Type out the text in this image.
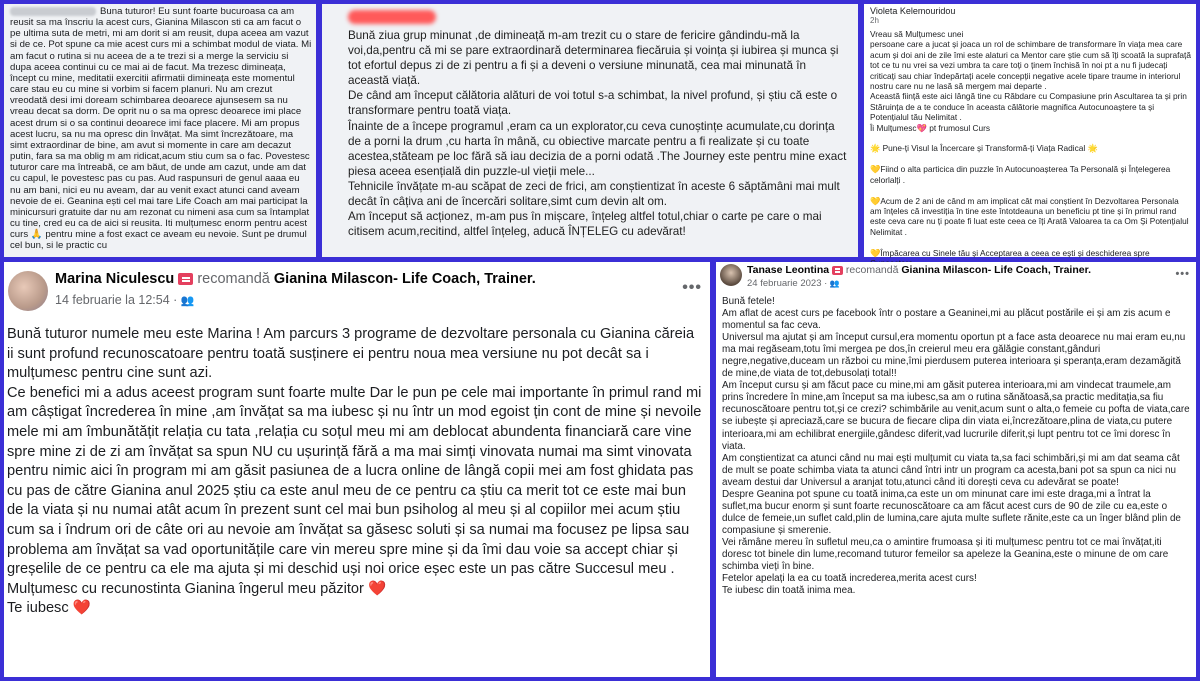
Buna tuturor! Eu sunt foarte bucuroasa ca am reusit sa ma înscriu la acest curs, Gianina Milascon sti ca am facut o pe ultima suta de metri, mi am dorit si am reusit, dupa aceea am vazut si de ce. Pot spune ca mie acest curs mi a schimbat modul de viata. Mi am facut o rutina si nu aceea de a te trezi si a merge la serviciu si dupa aceea continui cu ce mai ai de facut. Ma trezesc dimineața, încept cu mine, meditatii exercitii afirmatii dimineața este momentul care stau eu cu mine si vorbim si facem planuri. Nu am crezut vreodată desi imi doream schimbarea deoarece ajunsesem sa nu vreau decat sa dorm. De oprit nu o sa ma opresc deoarece imi place acest drum si o sa continui deoarece imi face placere. Mi am propus acest lucru, sa nu ma opresc din învățat. Ma simt încrezătoare, ma simt extraordinar de bine, am avut si momente in care am decazut putin, fara sa ma oblig m am ridicat,acum stiu cum sa o fac. Povestesc tuturor care ma întreabă, ce am băut, de unde am cazut, unde am dat cu capul, le povestesc pas cu pas. Aud raspunsuri de genul aaaa eu nu am bani, nici eu nu aveam, dar au venit exact atunci cand aveam nevoie de ei. Geanina ești cel mai tare Life Coach am mai participat la minicursuri gratuite dar nu am rezonat cu nimeni asa cum sa întamplat cu tine, cred eu ca de aici si reusita. Iti mulțumesc enorm pentru acest curs 🙏 pentru mine a fost exact ce aveam eu nevoie. Sunt pe drumul cel bun, si le practic cu
Bună ziua grup minunat ,de dimineață m-am trezit cu o stare de fericire gândindu-mă la voi,da,pentru că mi se pare extraordinară determinarea fiecăruia și voința și iubirea și munca și tot efortul depus zi de zi pentru a fi și a deveni o versiune minunată, cea mai minunată în această viață.
De când am început călătoria alături de voi totul s-a schimbat, la nivel profund, și știu că este o transformare pentru toată viața.
Înainte de a începe programul ,eram ca un explorator,cu ceva cunoștințe acumulate,cu dorința de a porni la drum ,cu harta în mână, cu obiective marcate pentru a fi realizate și cu toate acestea,stăteam pe loc fără să iau decizia de a porni odată .The Journey este pentru mine exact piesa aceea esențială din puzzle-ul vieții mele...
Tehnicile învățate m-au scăpat de zeci de frici, am conștientizat în aceste 6 săptămâni mai mult decât în câțiva ani de încercări solitare,simt cum devin alt om.
Am început să acționez, m-am pus în mișcare, înțeleg altfel totul,chiar o carte pe care o mai citisem acum,recitind, altfel înțeleg, aducă ÎNȚELEG cu adevărat!
Violeta Kelemouridou
2h
Vreau să Mulțumesc unei
persoane care a jucat și joaca un rol de schimbare de transformare în viața mea care acum și doi ani de zile îmi este alaturi ca Mentor care știe cum să îți scoată la suprafață tot ce tu nu vrei sa vezi umbra ta care toți o ținem închisă în noi pt a nu fi judecați criticați sau chiar îndepărtați acele concepții negative acele tipare traume in interiorul nostru care nu ne lasă să mergem mai departe .
Această ființă este aici lângă tine cu Răbdare cu Compasiune prin Ascultarea ta și prin Stăruința de a te conduce în aceasta călătorie magnifica Autocunoaștere ta și Potențialul tău Nelimitat .
Îi Mulțumesc💖 pt frumosul Curs

🌟 Pune-ți Visul la Încercare și Transformă-ți Viața Radical 🌟

💛Fiind o alta particica din puzzle în Autocunoașterea Ta Personală și Înțelegerea celorlalți .

💛Acum de 2 ani de când m am implicat cât mai conștient în Dezvoltarea Personala am înțeles că investiția în tine este întotdeauna un beneficiu pt tine și în primul rand este ceva care nu ți poate fi luat este ceea ce îți Arată Valoarea ta ca Om Și Potențialul Nelimitat .

💛Împăcarea cu Sinele tău și Acceptarea a ceea ce ești și deschiderea spre
Marina Niculescu recomandă Gianina Milascon- Life Coach, Trainer.
14 februarie la 12:54 · 👥
•••
Bună tuturor numele meu este Marina ! Am parcurs 3 programe de dezvoltare personala cu Gianina căreia ii sunt profund recunoscatoare pentru toată susținere ei pentru noua mea versiune nu pot decât sa i mulțumesc pentru cine sunt azi.
Ce benefici mi a adus aceest program sunt foarte multe Dar le pun pe cele mai importante în primul rand mi am câștigat încrederea în mine ,am învățat sa ma iubesc și nu într un mod egoist țin cont de mine și nevoile mele mi am îmbunătățit relația cu tata ,relația cu soțul meu mi am deblocat abundenta financiară care vine spre mine zi de zi am învățat sa spun NU cu ușurință fără a ma mai simți vinovata numai ma simt vinovata pentru nimic aici în program mi am găsit pasiunea de a lucra online de lângă copii mei am fost ghidata pas cu pas de către Gianina anul 2025 știu ca este anul meu de ce pentru ca știu ca merit tot ce este mai bun de la viata și nu numai atât acum în prezent sunt cel mai bun psiholog al meu și al copiilor mei acum știu cum sa i îndrum ori de câte ori au nevoie am învățat sa găsesc soluti și sa numai ma focusez pe lipsa sau problema am învățat sa vad oportunitățile care vin mereu spre mine și da îmi dau voie sa accept chiar și greșelile de ce pentru ca ele ma ajuta și mi deschid uși noi orice eșec este un pas către Succesul meu . Mulțumesc cu recunostinta Gianina îngerul meu păzitor ❤️
Te iubesc ❤️
Tanase Leontina recomandă Gianina Milascon- Life Coach, Trainer.
24 februarie 2023 · 👥
•••
Bună fetele!
Am aflat de acest curs pe facebook într o postare a Geaninei,mi au plăcut postările ei și am zis acum e momentul sa fac ceva.
Universul ma ajutat și am început cursul,era momentu oportun pt a face asta deoarece nu mai eram eu,nu ma mai regăseam,totu îmi mergea pe dos,în creierul meu era gălăgie constant,gânduri negre,negative,duceam un război cu mine,îmi pierdusem puterea interioara și speranța,eram dezamăgită de mine,de viata de tot,debusolați total!!
Am început cursu și am făcut pace cu mine,mi am găsit puterea interioara,mi am vindecat traumele,am prins încredere în mine,am început sa ma iubesc,sa am o rutina sănătoasă,sa practic meditația,sa fiu recunoscătoare pentru tot,și ce crezi? schimbările au venit,acum sunt o alta,o femeie cu pofta de viata,care se iubește și apreciază,care se bucura de fiecare clipa din viata ei,încrezătoare,plina de viata,cu putere interioara,mi am echilibrat energiile,gândesc diferit,vad lucrurile diferit,și lupt pentru tot ce îmi doresc în viata.
Am conștientizat ca atunci când nu mai ești mulțumit cu viata ta,sa faci schimbări,și mi am dat seama cât de mult se poate schimba viata ta atunci când întri intr un program ca acesta,bani pot sa spun ca nici nu aveam destui dar Universul a aranjat totu,atunci când iti dorești ceva cu adevărat se poate!
Despre Geanina pot spune cu toată inima,ca este un om minunat care imi este draga,mi a întrat la suflet,ma bucur enorm și sunt foarte recunoscătoare ca am făcut acest curs de 90 de zile cu ea,este o dulce de femeie,un suflet cald,plin de lumina,care ajuta multe suflete rănite,este ca un înger blând plin de compasiune și smerenie.
Vei rămâne mereu în sufletul meu,ca o amintire frumoasa și iti mulțumesc pentru tot ce mai învățat,iti doresc tot binele din lume,recomand tuturor femeilor sa apeleze la Geanina,este o minune de om care schimba vieți în bine.
Fetelor apelați la ea cu toată increderea,merita acest curs!
Te iubesc din toată inima mea.
